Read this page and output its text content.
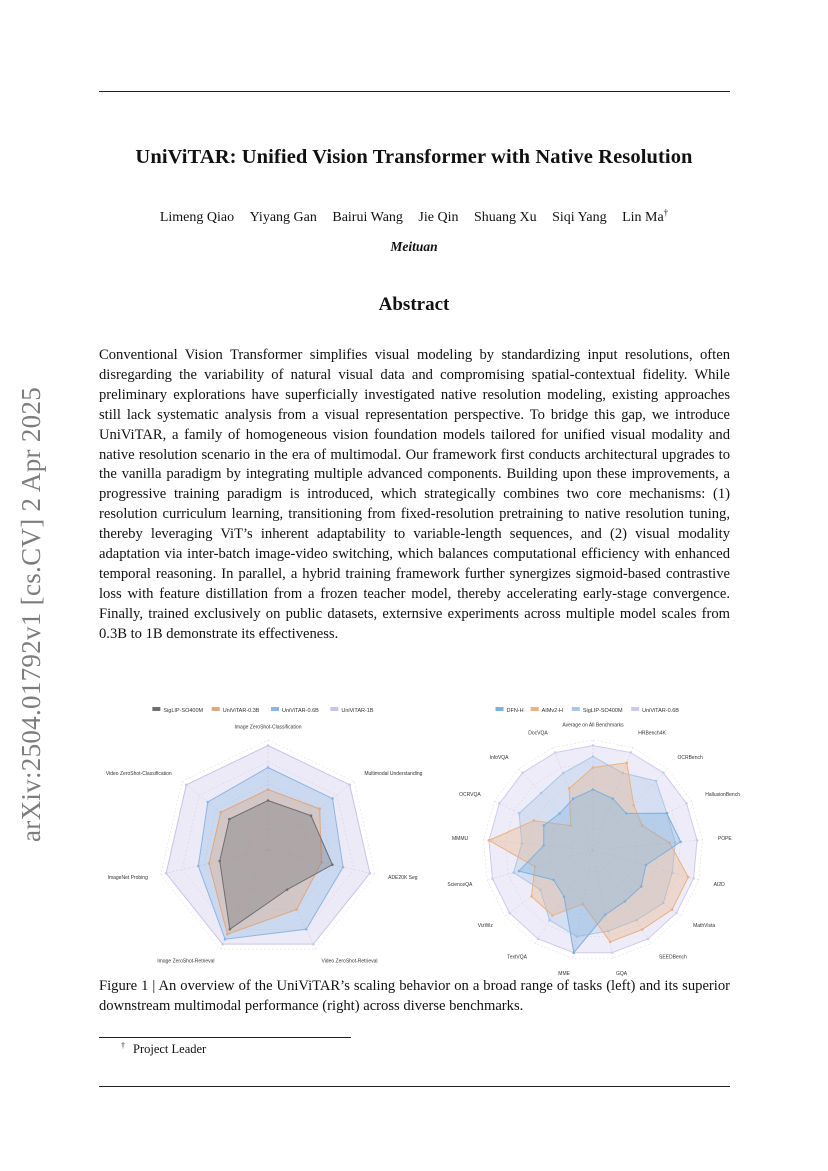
UniViTAR: Unified Vision Transformer with Native Resolution
Limeng Qiao Yiyang Gan Bairui Wang Jie Qin Shuang Xu Siqi Yang Lin Ma†
Meituan
Abstract
Conventional Vision Transformer simplifies visual modeling by standardizing input resolutions, often disregarding the variability of natural visual data and compromising spatial-contextual fidelity. While preliminary explorations have superficially investigated native resolution modeling, existing approaches still lack systematic analysis from a visual representation perspective. To bridge this gap, we introduce UniViTAR, a family of homogeneous vision foundation models tailored for unified visual modality and native resolution scenario in the era of multimodal. Our framework first conducts architectural upgrades to the vanilla paradigm by integrating multiple advanced components. Building upon these improvements, a progressive training paradigm is introduced, which strategically combines two core mechanisms: (1) resolution curriculum learning, transitioning from fixed-resolution pretraining to native resolution tuning, thereby leveraging ViT’s inherent adaptability to variable-length sequences, and (2) visual modality adaptation via inter-batch image-video switching, which balances computational efficiency with enhanced temporal reasoning. In parallel, a hybrid training framework further synergizes sigmoid-based contrastive loss with feature distillation from a frozen teacher model, thereby accelerating early-stage convergence. Finally, trained exclusively on public datasets, externsive experiments across multiple model scales from 0.3B to 1B demonstrate its effectiveness.
arXiv:2504.01792v1 [cs.CV] 2 Apr 2025	SigLIP-SO400M	UniViTAR-0.3B	UniViTAR-0.6B	UniViTAR-1B
Image ZeroShot-Classification
Multimodal Understanding
ADE20K Seg
Video ZeroShot-Retrieval
Image ZeroShot-Retrieval
ImageNet Probing
Video ZeroShot-Classification
DFN-H	AIMv2-H	SigLIP-SO400M	UniViTAR-0.6B
Average on All Benchmarks
HRBench4K
OCRBench
HallusionBench
POPE
AI2D
MathVista
SEEDBench
GQA
MME
TextVQA
VizWiz
ScienceQA
MMMU
OCRVQA
InfoVQA
DocVQA
Figure 1 | An overview of the UniViTAR’s scaling behavior on a broad range of tasks (left) and its superior downstream multimodal performance (right) across diverse benchmarks.
† Project Leader
